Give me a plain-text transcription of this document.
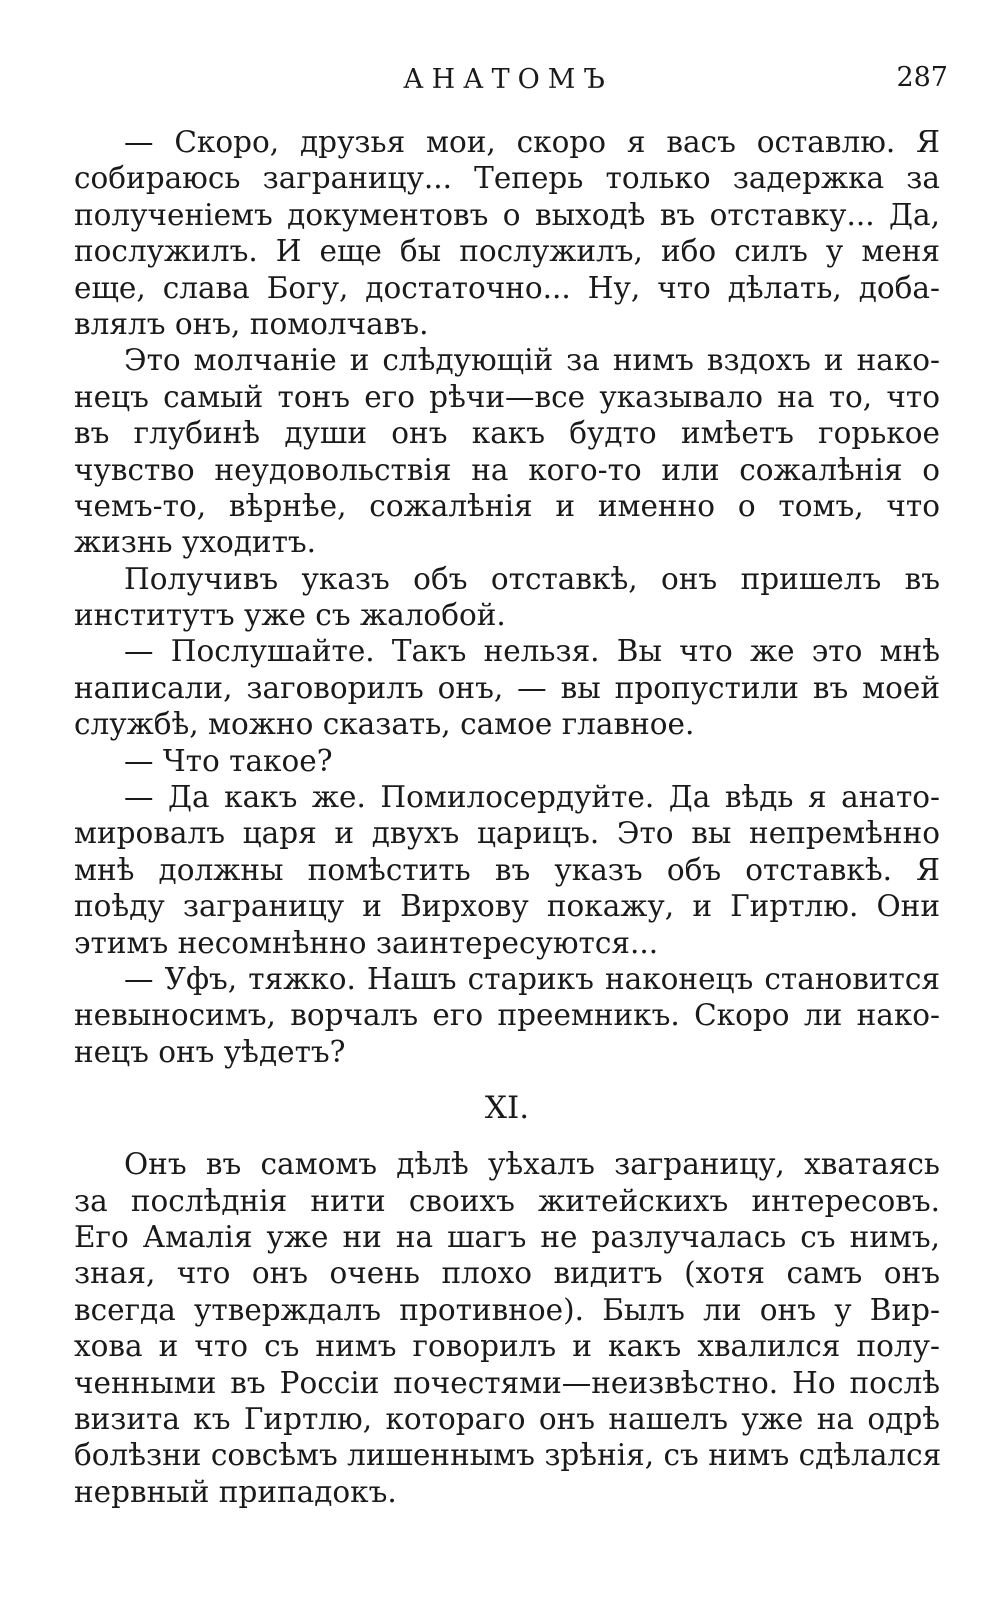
АНАТОМЪ	287
— Скоро, друзья мои, скоро я васъ оставлю. Я
собираюсь заграницу... Теперь только задержка за
полученіемъ документовъ о выходѣ въ отставку... Да,
послужилъ. И еще бы послужилъ, ибо силъ у меня
еще, слава Богу, достаточно... Ну, что дѣлать, доба-
влялъ онъ, помолчавъ.
Это молчаніе и слѣдующій за нимъ вздохъ и нако-
нецъ самый тонъ его рѣчи—все указывало на то, что
въ глубинѣ души онъ какъ будто имѣетъ горькое
чувство неудовольствія на кого-то или сожалѣнія о
чемъ-то, вѣрнѣе, сожалѣнія и именно о томъ, что
жизнь уходитъ.
Получивъ указъ объ отставкѣ, онъ пришелъ въ
институтъ уже съ жалобой.
— Послушайте. Такъ нельзя. Вы что же это мнѣ
написали, заговорилъ онъ, — вы пропустили въ моей
службѣ, можно сказать, самое главное.
— Что такое?
— Да какъ же. Помилосердуйте. Да вѣдь я анато-
мировалъ царя и двухъ царицъ. Это вы непремѣнно
мнѣ должны помѣстить въ указъ объ отставкѣ. Я
поѣду заграницу и Вирхову покажу, и Гиртлю. Они
этимъ несомнѣнно заинтересуются...
— Уфъ, тяжко. Нашъ старикъ наконецъ становится
невыносимъ, ворчалъ его преемникъ. Скоро ли нако-
нецъ онъ уѣдетъ?
XI.
Онъ въ самомъ дѣлѣ уѣхалъ заграницу, хватаясь
за послѣднія нити своихъ житейскихъ интересовъ.
Его Амалія уже ни на шагъ не разлучалась съ нимъ,
зная, что онъ очень плохо видитъ (хотя самъ онъ
всегда утверждалъ противное). Былъ ли онъ у Вир-
хова и что съ нимъ говорилъ и какъ хвалился полу-
ченными въ Россіи почестями—неизвѣстно. Но послѣ
визита къ Гиртлю, котораго онъ нашелъ уже на одрѣ
болѣзни совсѣмъ лишеннымъ зрѣнія, съ нимъ сдѣлался
нервный припадокъ.
